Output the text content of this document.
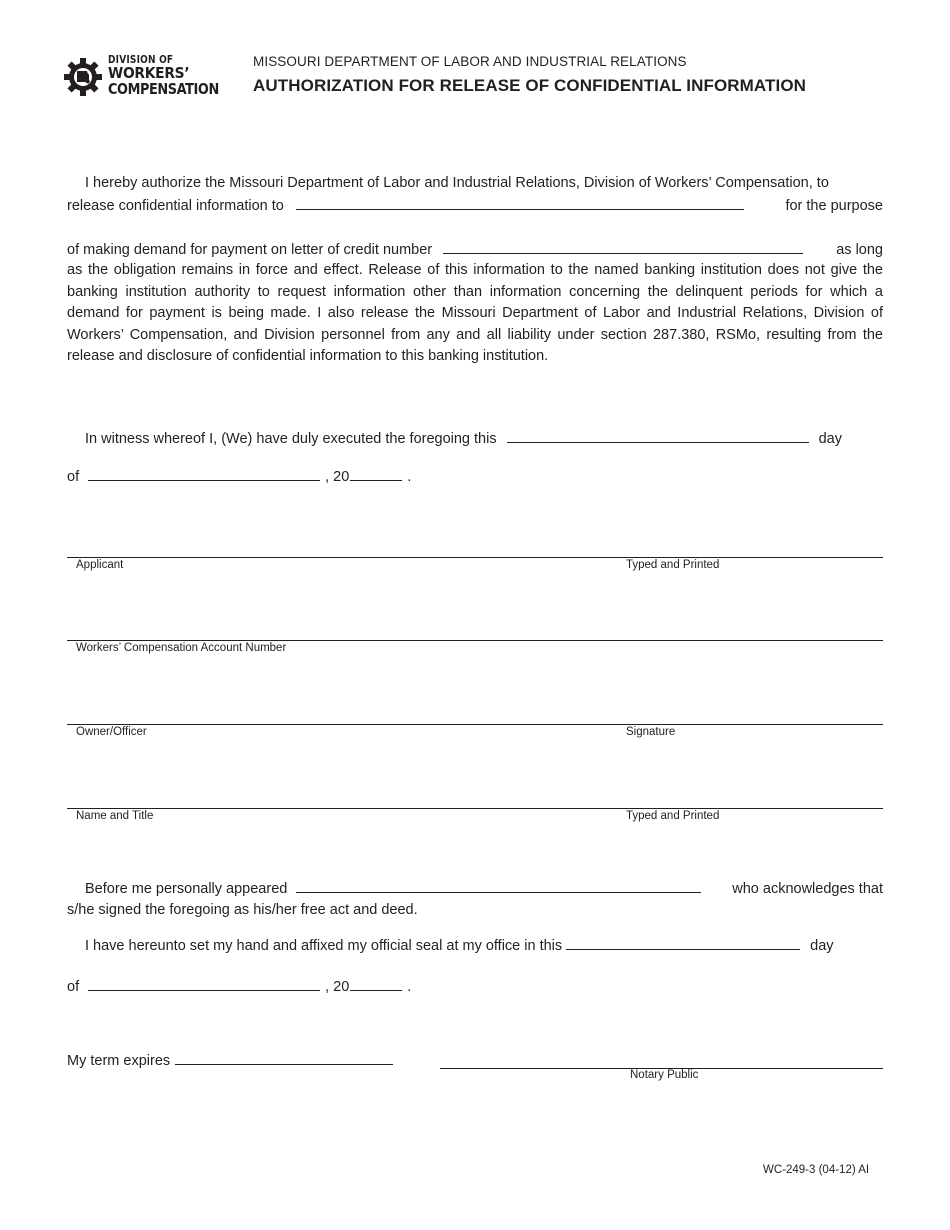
DIVISION OF
WORKERS’
COMPENSATION
MISSOURI DEPARTMENT OF LABOR AND INDUSTRIAL RELATIONS
AUTHORIZATION FOR RELEASE OF CONFIDENTIAL INFORMATION
I hereby authorize the Missouri Department of Labor and Industrial Relations, Division of Workers’ Compensation, to
release confidential information to	for the purpose
of making demand for payment on letter of credit number	as long
as the obligation remains in force and effect. Release of this information to the named banking institution does not give the banking institution authority to request information other than information concerning the delinquent periods for which a demand for payment is being made. I also release the Missouri Department of Labor and Industrial Relations, Division of Workers’ Compensation, and Division personnel from any and all liability under section 287.380, RSMo, resulting from the release and disclosure of confidential information to this banking institution.
In witness whereof I, (We) have duly executed the foregoing this	day
of	, 20	.
Applicant	Typed and Printed
Workers’ Compensation Account Number
Owner/Officer	Signature
Name and Title	Typed and Printed
Before me personally appeared	who acknowledges that
s/he signed the foregoing as his/her free act and deed.
I have hereunto set my hand and affixed my official seal at my office in this	day
of	, 20	.
My term expires
Notary Public
WC-249-3 (04-12) AI
